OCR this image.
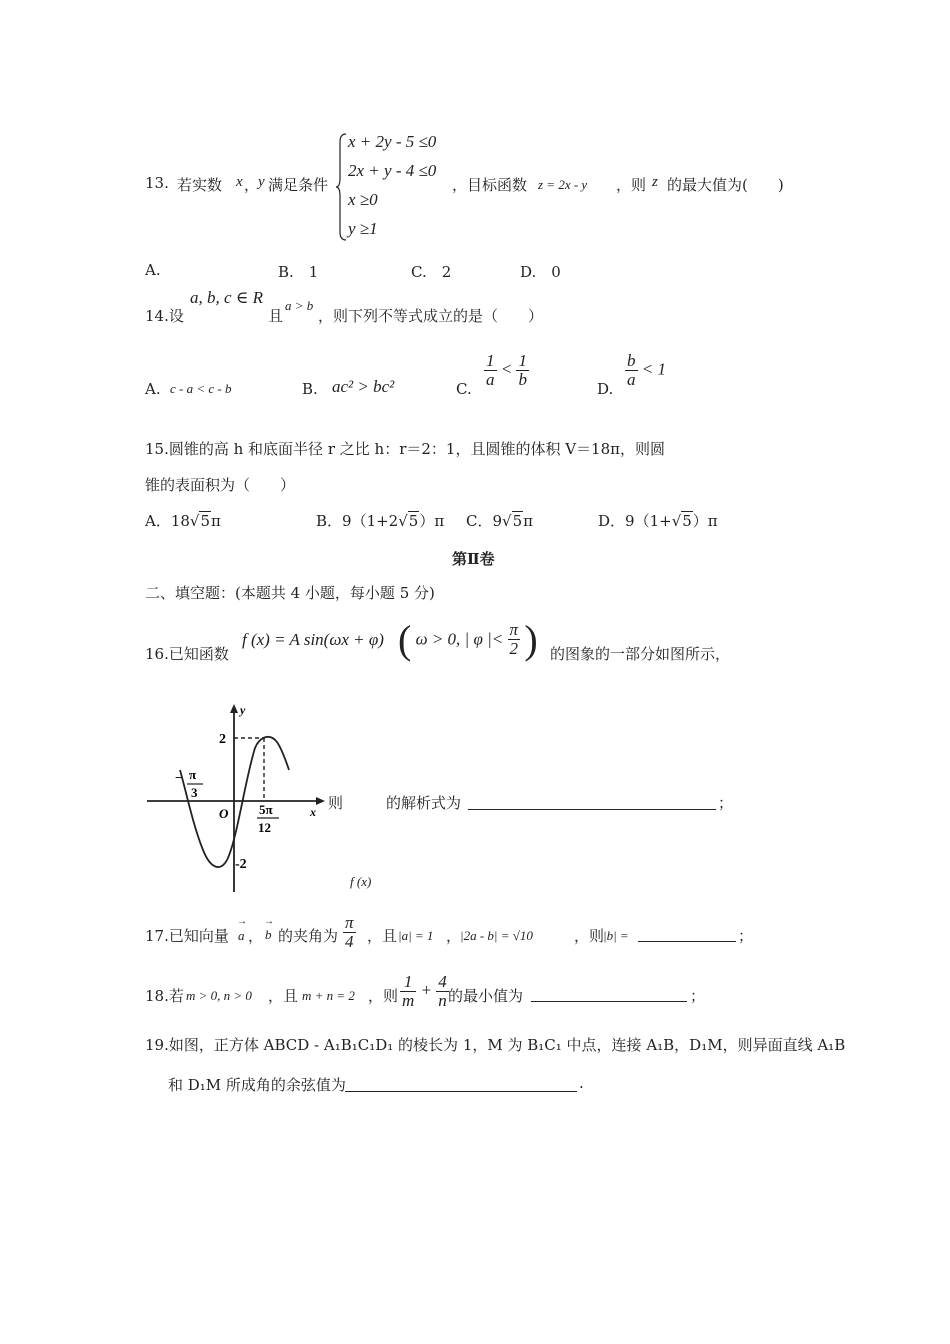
13. 若实数 x ，
y 满足条件
x + 2y - 5 ≤0
2x + y - 4 ≤0
x ≥0
y ≥1
，目标函数 z = 2x - y ，则 z 的最大值为(　　)
A.	B.　1	C.　2	D.　0
14.设
a, b, c ∈ R
且
a > b
，则下列不等式成立的是（　　）
A. c - a < c - b	B. ac² > bc²	C.
$\frac{1}{a} < \frac{1}{b}$
D.
$\frac{b}{a} < 1$
15.圆锥的高 h 和底面半径 r 之比 h：r＝2：1，且圆锥的体积 V＝18π，则圆
锥的表面积为（　　）
A．18√5π	B．9（1+2√5）π C．9√5π	D．9（1+√5）π
第Ⅱ卷
二、填空题：(本题共 4 小题，每小题 5 分)
16.已知函数
f (x) = A sin(ωx + φ) ( ω > 0, | φ |< $\frac{\pi}{2}$ ) 的图象的一部分如图所示，
y
x
O
2
-2
− π
3
5π
12
则	的解析式为	；
f (x)
17.已知向量
→
a ，
→
b 的夹角为 $\frac{\pi}{4}$ ，且 |a| = 1 ，
|2a - b| = √10	，则
|b| =	；
18.若 m > 0, n > 0 ，且 m + n = 2 ，则 $\frac{1}{m} + \frac{4}{n}$ 的最小值为	；
19.如图，正方体 ABCD - A₁B₁C₁D₁ 的棱长为 1，M 为 B₁C₁ 中点，连接 A₁B，D₁M，则异面直线 A₁B
和 D₁M 所成角的余弦值为	.
